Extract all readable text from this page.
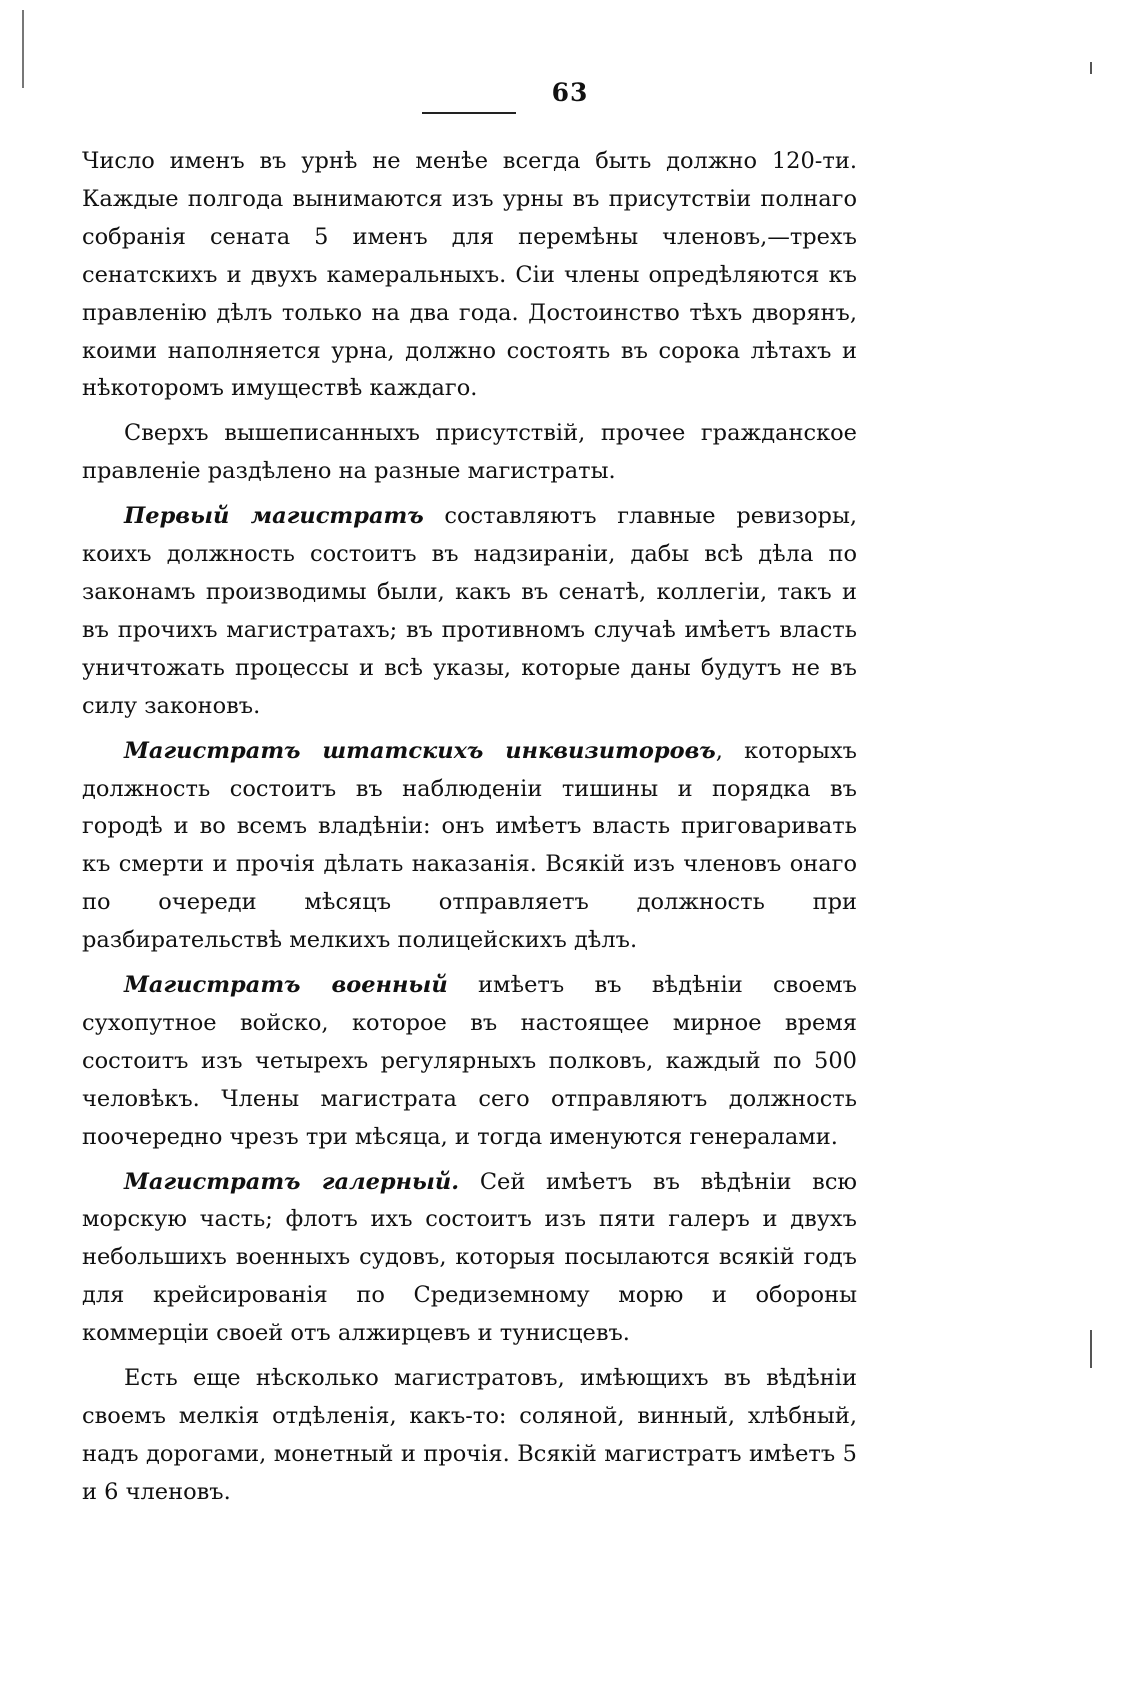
63

Число именъ въ урнѣ не менѣе всегда быть должно 120-ти. Каждые полгода вынимаются изъ урны въ присутствіи полнаго собранія сената 5 именъ для перемѣны членовъ,—трехъ сенатскихъ и двухъ камеральныхъ. Сіи члены опредѣляются къ правленію дѣлъ только на два года. Достоинство тѣхъ дворянъ, коими наполняется урна, должно состоять въ сорока лѣтахъ и нѣкоторомъ имуществѣ каждаго.

Сверхъ вышеписанныхъ присутствій, прочее гражданское правленіе раздѣлено на разные магистраты.

Первый магистратъ составляютъ главные ревизоры, коихъ должность состоитъ въ надзираніи, дабы всѣ дѣла по законамъ производимы были, какъ въ сенатѣ, коллегіи, такъ и въ прочихъ магистратахъ; въ противномъ случаѣ имѣетъ власть уничтожать процессы и всѣ указы, которые даны будутъ не въ силу законовъ.

Магистратъ штатскихъ инквизиторовъ, которыхъ должность состоитъ въ наблюденіи тишины и порядка въ городѣ и во всемъ владѣніи: онъ имѣетъ власть приговаривать къ смерти и прочія дѣлать наказанія. Всякій изъ членовъ онаго по очереди мѣсяцъ отправляетъ должность при разбирательствѣ мелкихъ полицейскихъ дѣлъ.

Магистратъ военный имѣетъ въ вѣдѣніи своемъ сухопутное войско, которое въ настоящее мирное время состоитъ изъ четырехъ регулярныхъ полковъ, каждый по 500 человѣкъ. Члены магистрата сего отправляютъ должность поочередно чрезъ три мѣсяца, и тогда именуются генералами.

Магистратъ галерный. Сей имѣетъ въ вѣдѣніи всю морскую часть; флотъ ихъ состоитъ изъ пяти галеръ и двухъ небольшихъ военныхъ судовъ, которыя посылаются всякій годъ для крейсированія по Средиземному морю и обороны коммерціи своей отъ алжирцевъ и тунисцевъ.

Есть еще нѣсколько магистратовъ, имѣющихъ въ вѣдѣніи своемъ мелкія отдѣленія, какъ-то: соляной, винный, хлѣбный, надъ дорогами, монетный и прочія. Всякій магистратъ имѣетъ 5 и 6 членовъ.
